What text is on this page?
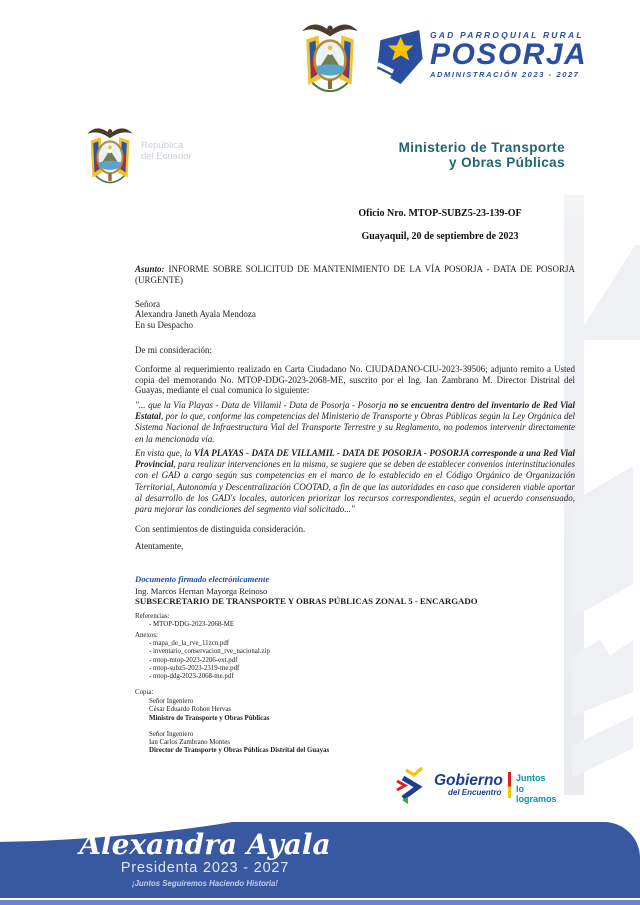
GAD PARROQUIAL RURAL
POSORJA
ADMINISTRACIÓN 2023 - 2027
República
del Ecuador
Ministerio de Transporte
y Obras Públicas
Oficio Nro. MTOP-SUBZ5-23-139-OF
Guayaquil, 20 de septiembre de 2023
Asunto: INFORME SOBRE SOLICITUD DE MANTENIMIENTO DE LA VÍA POSORJA - DATA DE POSORJA (URGENTE)
Señora
Alexandra Janeth Ayala Mendoza
En su Despacho
De mi consideración:
Conforme al requerimiento realizado en Carta Ciudadano No. CIUDADANO-CIU-2023-39506; adjunto remito a Usted copia del memorando No. MTOP-DDG-2023-2068-ME, suscrito por el Ing. Ian Zambrano M. Director Distrital del Guayas, mediante el cual comunica lo siguiente:
"... que la Vía Playas - Data de Villamil - Data de Posorja - Posorja no se encuentra dentro del inventario de Red Vial Estatal, por lo que, conforme las competencias del Ministerio de Transporte y Obras Públicas según la Ley Orgánica del Sistema Nacional de Infraestructura Vial del Transporte Terrestre y su Reglamento, no podemos intervenir directamente en la mencionada vía.
En vista que, la VÍA PLAYAS - DATA DE VILLAMIL - DATA DE POSORJA - POSORJA corresponde a una Red Vial Provincial, para realizar intervenciones en la misma, se sugiere que se deben de establecer convenios interinstitucionales con el GAD a cargo según sus competencias en el marco de lo establecido en el Código Orgánico de Organización Territorial, Autonomía y Descentralización COOTAD, a fin de que las autoridades en caso que consideren viable aportar al desarrollo de los GAD's locales, autoricen priorizar los recursos correspondientes, según el acuerdo consensuado, para mejorar las condiciones del segmento vial solicitado..."
Con sentimientos de distinguida consideración.
Atentamente,
Documento firmado electrónicamente
Ing. Marcos Hernan Mayorga Reinoso
SUBSECRETARIO DE TRANSPORTE Y OBRAS PÚBLICAS ZONAL 5 - ENCARGADO
Referencias:
- MTOP-DDG-2023-2068-ME
Anexos:
- mapa_de_la_rve_11zcn.pdf
- inventario_conservacion_rve_nacional.zip
- mtop-mtop-2023-2206-ext.pdf
- mtop-subz5-2023-2319-me.pdf
- mtop-ddg-2023-2068-me.pdf
Copia:
Señor Ingeniero
César Eduardo Rohon Hervas
Ministro de Transporte y Obras Públicas
Señor Ingeniero
Ian Carlos Zambrano Montes
Director de Transporte y Obras Públicas Distrital del Guayas
Gobierno
del Encuentro
Juntos
lo logramos
Alexandra Ayala
Presidenta 2023 - 2027
¡Juntos Seguiremos Haciendo Historia!
